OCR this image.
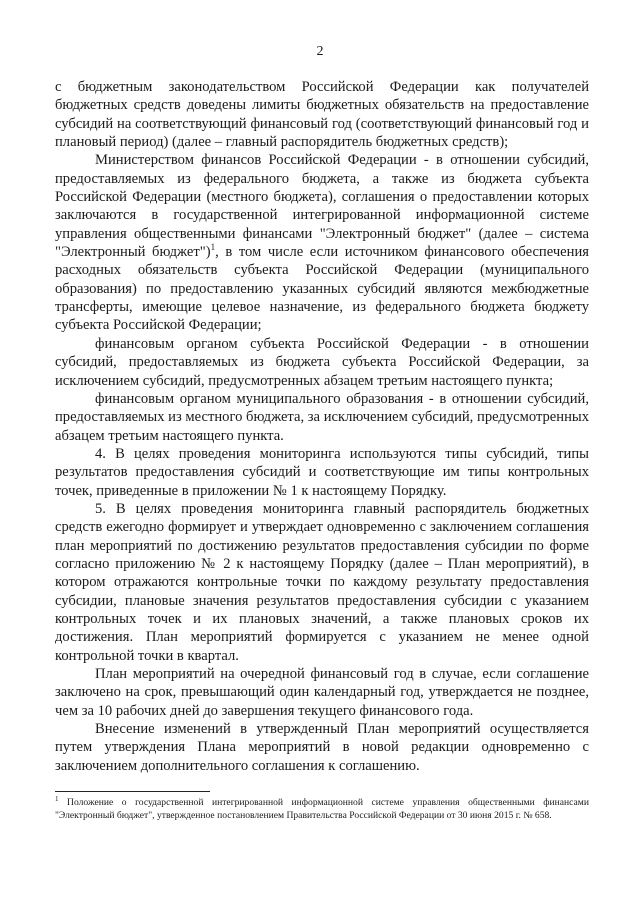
2

с бюджетным законодательством Российской Федерации как получателей бюджетных средств доведены лимиты бюджетных обязательств на предоставление субсидий на соответствующий финансовый год (соответствующий финансовый год и плановый период) (далее – главный распорядитель бюджетных средств);

Министерством финансов Российской Федерации - в отношении субсидий, предоставляемых из федерального бюджета, а также из бюджета субъекта Российской Федерации (местного бюджета), соглашения о предоставлении которых заключаются в государственной интегрированной информационной системе управления общественными финансами "Электронный бюджет" (далее – система "Электронный бюджет")$^1$, в том числе если источником финансового обеспечения расходных обязательств субъекта Российской Федерации (муниципального образования) по предоставлению указанных субсидий являются межбюджетные трансферты, имеющие целевое назначение, из федерального бюджета бюджету субъекта Российской Федерации;

финансовым органом субъекта Российской Федерации - в отношении субсидий, предоставляемых из бюджета субъекта Российской Федерации, за исключением субсидий, предусмотренных абзацем третьим настоящего пункта;

финансовым органом муниципального образования - в отношении субсидий, предоставляемых из местного бюджета, за исключением субсидий, предусмотренных абзацем третьим настоящего пункта.

4. В целях проведения мониторинга используются типы субсидий, типы результатов предоставления субсидий и соответствующие им типы контрольных точек, приведенные в приложении № 1 к настоящему Порядку.

5. В целях проведения мониторинга главный распорядитель бюджетных средств ежегодно формирует и утверждает одновременно с заключением соглашения план мероприятий по достижению результатов предоставления субсидии по форме согласно приложению № 2 к настоящему Порядку (далее – План мероприятий), в котором отражаются контрольные точки по каждому результату предоставления субсидии, плановые значения результатов предоставления субсидии с указанием контрольных точек и их плановых значений, а также плановых сроков их достижения. План мероприятий формируется с указанием не менее одной контрольной точки в квартал.

План мероприятий на очередной финансовый год в случае, если соглашение заключено на срок, превышающий один календарный год, утверждается не позднее, чем за 10 рабочих дней до завершения текущего финансового года.

Внесение изменений в утвержденный План мероприятий осуществляется путем утверждения Плана мероприятий в новой редакции одновременно с заключением дополнительного соглашения к соглашению.

$^1$ Положение о государственной интегрированной информационной системе управления общественными финансами "Электронный бюджет", утвержденное постановлением Правительства Российской Федерации от 30 июня 2015 г. № 658.
